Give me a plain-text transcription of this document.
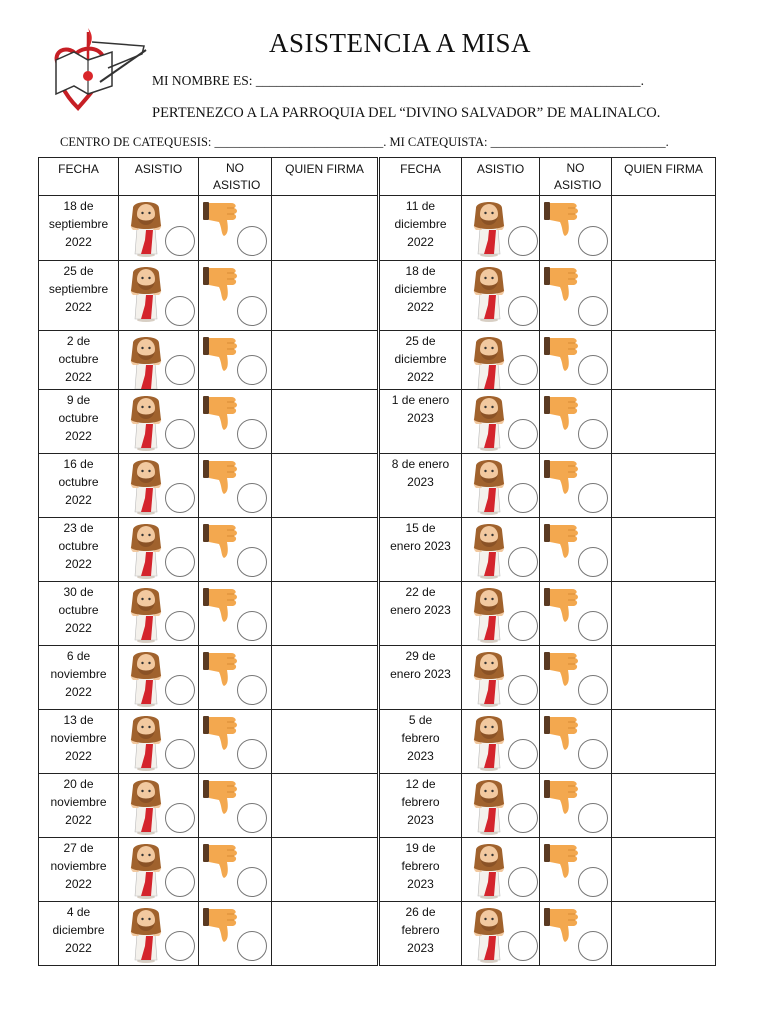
ASISTENCIA A MISA
MI NOMBRE ES: _________________________________________________________.
PERTENEZCO A LA PARROQUIA DEL “DIVINO SALVADOR” DE MALINALCO.
CENTRO DE CATEQUESIS: ___________________________. MI CATEQUISTA: ____________________________.
FECHA	ASISTIO	NO ASISTIO	QUIEN FIRMA

18 de
septiembre
2022

25 de
septiembre
2022

2 de
octubre
2022

9 de
octubre
2022

16 de
octubre
2022

23 de
octubre
2022

30 de
octubre
2022

6 de
noviembre
2022

13 de
noviembre
2022

20 de
noviembre
2022

27 de
noviembre
2022

4 de
diciembre
2022

FECHA	ASISTIO	NO ASISTIO	QUIEN FIRMA

11 de
diciembre
2022

18 de
diciembre
2022

25 de
diciembre
2022

1 de enero
2023

8 de enero
2023

15 de
enero 2023

22 de
enero 2023

29 de
enero 2023

5 de
febrero
2023

12 de
febrero
2023

19 de
febrero
2023

26 de
febrero
2023
